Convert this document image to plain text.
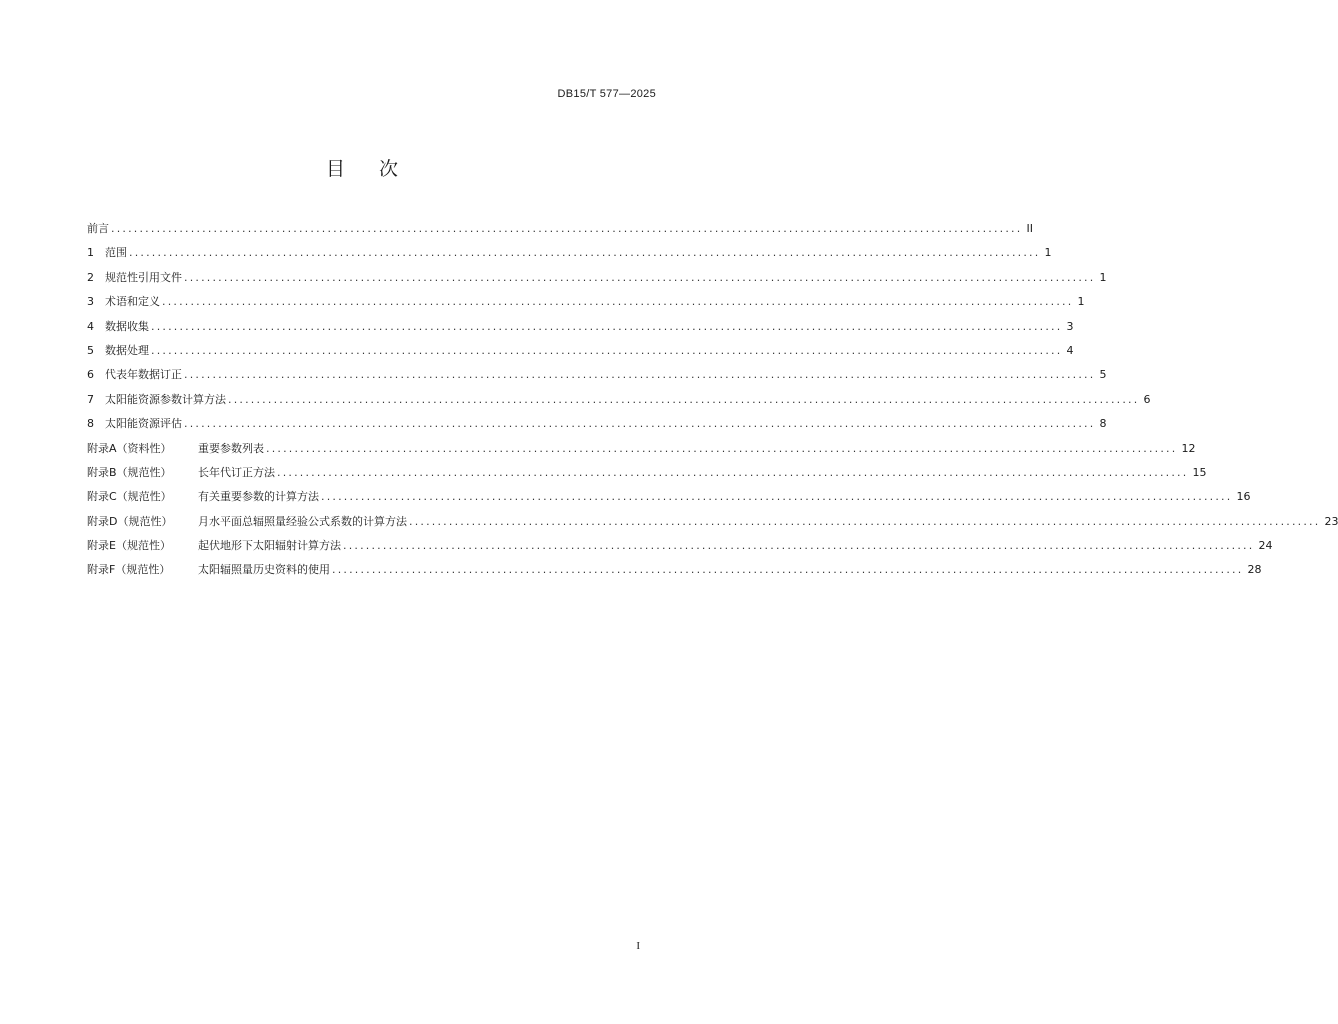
DB15/T 577—2025
目 次
前言 ................................................................................................................................................................ II
1	范围 ................................................................................................................................................................ 1
2	规范性引用文件 ................................................................................................................................................................ 1
3	术语和定义 ................................................................................................................................................................ 1
4	数据收集 ................................................................................................................................................................ 3
5	数据处理 ................................................................................................................................................................ 4
6	代表年数据订正 ................................................................................................................................................................ 5
7	太阳能资源参数计算方法 ................................................................................................................................................................ 6
8	太阳能资源评估 ................................................................................................................................................................ 8
附录A（资料性）	重要参数列表 ................................................................................................................................................................ 12
附录B（规范性）	长年代订正方法 ................................................................................................................................................................ 15
附录C（规范性）	有关重要参数的计算方法 ................................................................................................................................................................ 16
附录D（规范性）	月水平面总辐照量经验公式系数的计算方法 ................................................................................................................................................................ 23
附录E（规范性）	起伏地形下太阳辐射计算方法 ................................................................................................................................................................ 24
附录F（规范性）	太阳辐照量历史资料的使用 ................................................................................................................................................................ 28
I
